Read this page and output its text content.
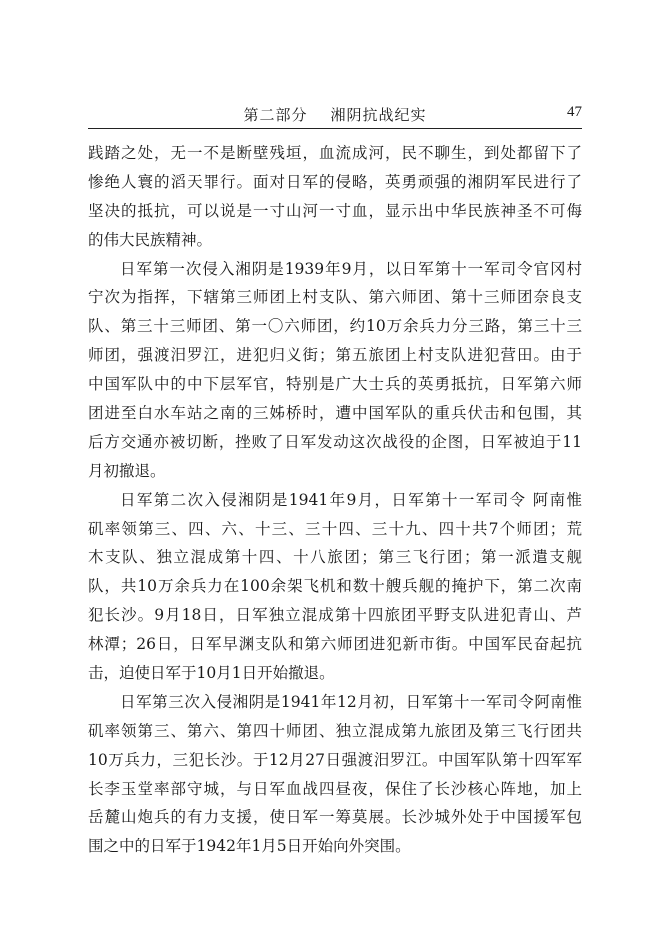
第二部分    湘阴抗战纪实	47
践踏之处，无一不是断壁残垣，血流成河，民不聊生，到处都留下了
惨绝人寰的滔天罪行。面对日军的侵略，英勇顽强的湘阴军民进行了
坚决的抵抗，可以说是一寸山河一寸血，显示出中华民族神圣不可侮
的伟大民族精神。
日军第一次侵入湘阴是1939年9月，以日军第十一军司令官冈村
宁次为指挥，下辖第三师团上村支队、第六师团、第十三师团奈良支
队、第三十三师团、第一〇六师团，约10万余兵力分三路，第三十三
师团，强渡汨罗江，进犯归义街；第五旅团上村支队进犯营田。由于
中国军队中的中下层军官，特别是广大士兵的英勇抵抗，日军第六师
团进至白水车站之南的三姊桥时，遭中国军队的重兵伏击和包围，其
后方交通亦被切断，挫败了日军发动这次战役的企图，日军被迫于11
月初撤退。
日军第二次入侵湘阴是1941年9月，日军第十一军司令 阿南惟
矶率领第三、四、六、十三、三十四、三十九、四十共7个师团；荒
木支队、独立混成第十四、十八旅团；第三飞行团；第一派遣支舰
队，共10万余兵力在100余架飞机和数十艘兵舰的掩护下，第二次南
犯长沙。9月18日，日军独立混成第十四旅团平野支队进犯青山、芦
林潭；26日，日军早渊支队和第六师团进犯新市街。中国军民奋起抗
击，迫使日军于10月1日开始撤退。
日军第三次入侵湘阴是1941年12月初，日军第十一军司令阿南惟
矶率领第三、第六、第四十师团、独立混成第九旅团及第三飞行团共
10万兵力，三犯长沙。于12月27日强渡汨罗江。中国军队第十四军军
长李玉堂率部守城，与日军血战四昼夜，保住了长沙核心阵地，加上
岳麓山炮兵的有力支援，使日军一筹莫展。长沙城外处于中国援军包
围之中的日军于1942年1月5日开始向外突围。
